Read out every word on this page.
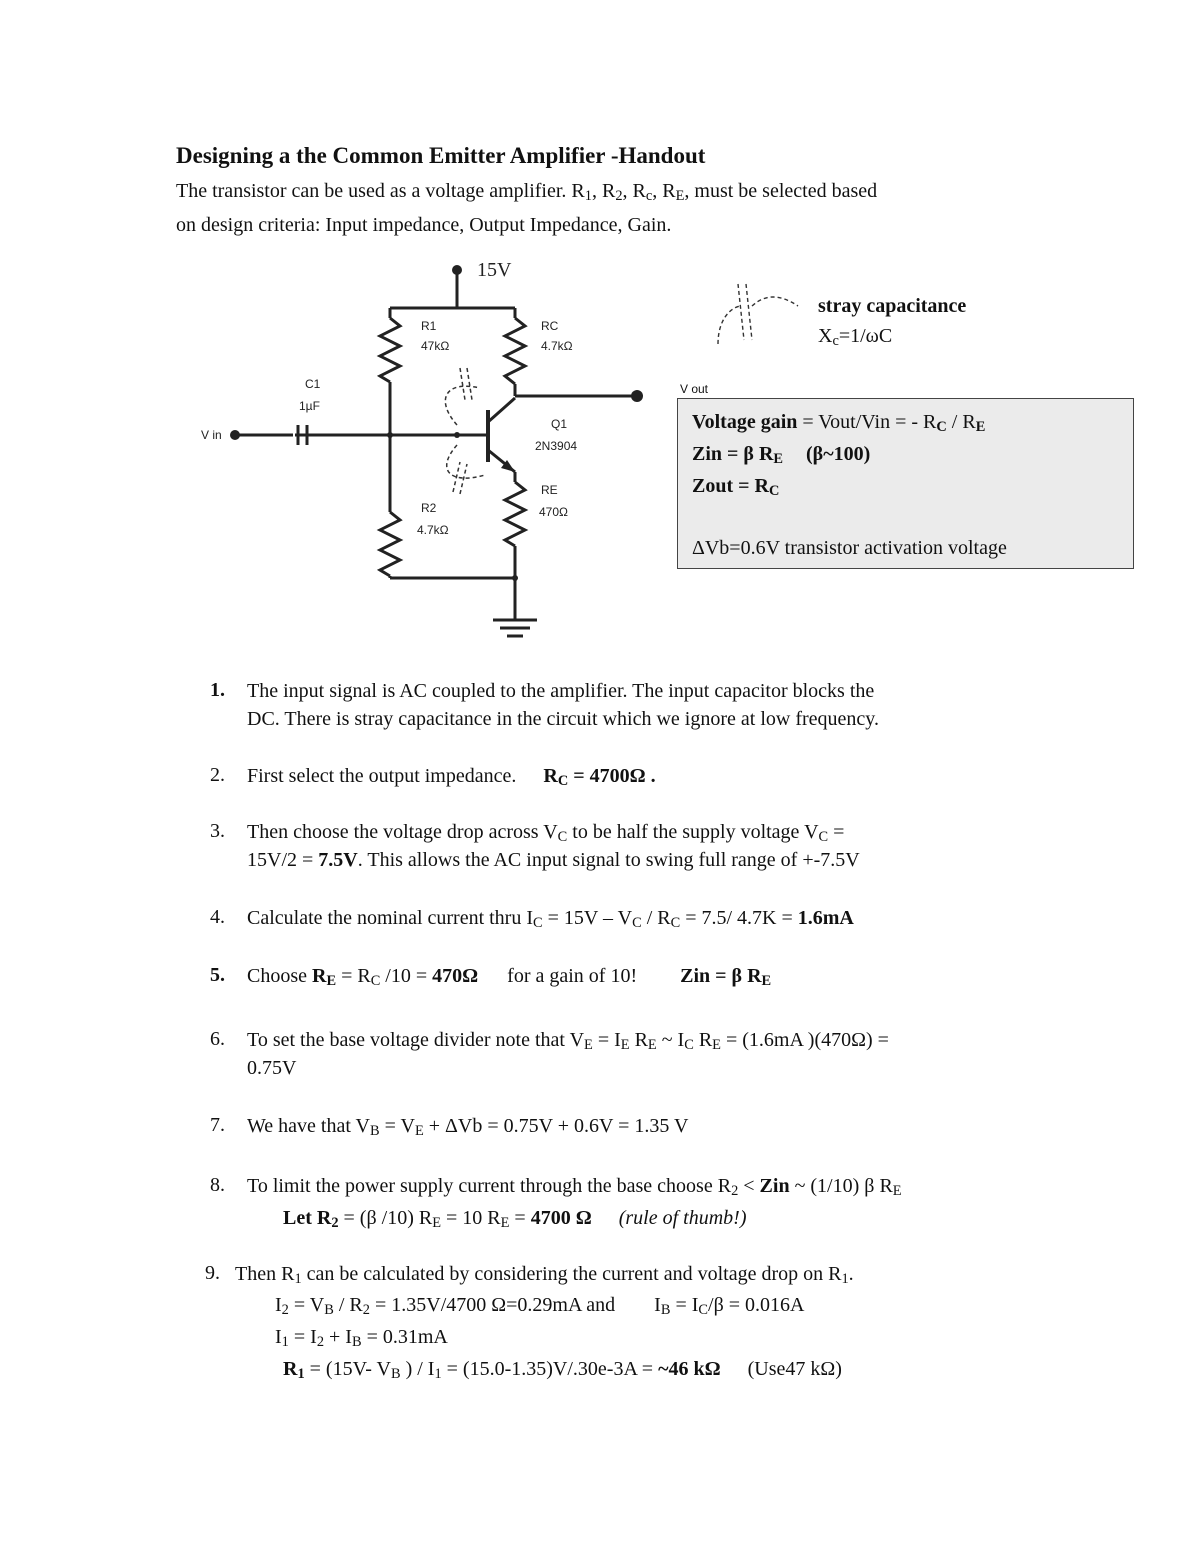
Designing a the Common Emitter Amplifier -Handout
The transistor can be used as a voltage amplifier. $R_1$, $R_2$, $R_c$, $R_E$, must be selected based
on design criteria: Input impedance, Output Impedance, Gain.
15V
R1
47kΩ
RC
4.7kΩ
C1
1µF
V in
Q1
2N3904
R2
4.7kΩ
RE
470Ω
V out
stray capacitance
$X_c=1/\omega C$
Voltage gain = Vout/Vin = - $R_C / R_E$
Zin = β $R_E$ (β~100)
Zout = $R_C$
ΔVb=0.6V transistor activation voltage
1. The input signal is AC coupled to the amplifier. The input capacitor blocks the
DC. There is stray capacitance in the circuit which we ignore at low frequency.
2. First select the output impedance. $R_C = 4700\Omega$ .
3. Then choose the voltage drop across $V_C$ to be half the supply voltage $V_C$ =
15V/2 = 7.5V. This allows the AC input signal to swing full range of +-7.5V
4. Calculate the nominal current thru $I_C = 15V - V_C / R_C = 7.5/$ 4.7K = 1.6mA
5. Choose $R_E = R_C$ /10 = 470Ω for a gain of 10! Zin = β $R_E$
6. To set the base voltage divider note that $V_E = I_E$ $R_E$ ~ $I_C$ $R_E = (1.6mA$ )(470Ω) =
0.75V
7. We have that $V_B = V_E + \Delta Vb = 0.75V + 0.6V = 1.35$ V
8. To limit the power supply current through the base choose $R_2$ < Zin ~ (1/10) β $R_E$
Let $R_2 = (\beta$ /10) $R_E = 10$ $R_E = 4700$ Ω (rule of thumb!)
9. Then $R_1$ can be calculated by considering the current and voltage drop on $R_1$.
$I_2 = V_B / R_2 = 1.35V/4700$ Ω=0.29mA and $I_B = I_C/\beta = 0.016A$
$I_1 = I_2 + I_B = 0.31mA$
$R_1 = (15V-$ $V_B$ ) / $I_1 = (15.0-1.35)V/.30e-3A$ = ~46 kΩ (Use47 kΩ)
